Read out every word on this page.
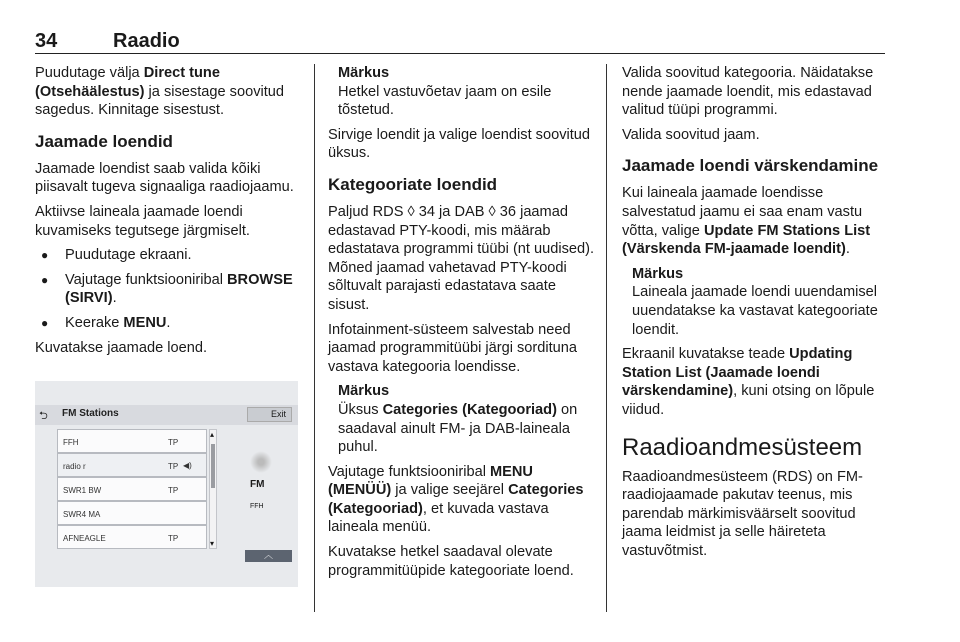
34	Raadio

Puudutage välja Direct tune (Otsehäälestus) ja sisestage soovitud sagedus. Kinnitage sisestust.

Jaamade loendid

Jaamade loendist saab valida kõiki piisavalt tugeva signaaliga raadiojaamu.

Aktiivse laineala jaamade loendi kuvamiseks tegutsege järgmiselt.

● Puudutage ekraani.
● Vajutage funktsiooniribal BROWSE (SIRVI).
● Keerake MENU.

Kuvatakse jaamade loend.

⮌ FM Stations	Exit
FFH	TP
radio r	TP ◀)
SWR1 BW	TP
SWR4 MA
AFNEAGLE	TP
▴
▾
FM
FFH
︿
Märkus
Hetkel vastuvõetav jaam on esile tõstetud.

Sirvige loendit ja valige loendist soovitud üksus.

Kategooriate loendid

Paljud RDS ◊ 34 ja DAB ◊ 36 jaamad edastavad PTY-koodi, mis määrab edastatava programmi tüübi (nt uudised). Mõned jaamad vahetavad PTY-koodi sõltuvalt parajasti edastatava saate sisust.

Infotainment-süsteem salvestab need jaamad programmitüübi järgi sordituna vastava kategooria loendisse.

Märkus
Üksus Categories (Kategooriad) on saadaval ainult FM- ja DAB-laineala puhul.

Vajutage funktsiooniribal MENU (MENÜÜ) ja valige seejärel Categories (Kategooriad), et kuvada vastava laineala menüü.

Kuvatakse hetkel saadaval olevate programmitüüpide kategooriate loend.

Valida soovitud kategooria. Näidatakse nende jaamade loendit, mis edastavad valitud tüüpi programmi.

Valida soovitud jaam.

Jaamade loendi värskendamine

Kui laineala jaamade loendisse salvestatud jaamu ei saa enam vastu võtta, valige Update FM Stations List (Värskenda FM-jaamade loendit).

Märkus
Laineala jaamade loendi uuendamisel uuendatakse ka vastavat kategooriate loendit.

Ekraanil kuvatakse teade Updating Station List (Jaamade loendi värskendamine), kuni otsing on lõpule viidud.

Raadioandmesüsteem

Raadioandmesüsteem (RDS) on FM-raadiojaamade pakutav teenus, mis parendab märkimisväärselt soovitud jaama leidmist ja selle häireteta vastuvõtmist.
